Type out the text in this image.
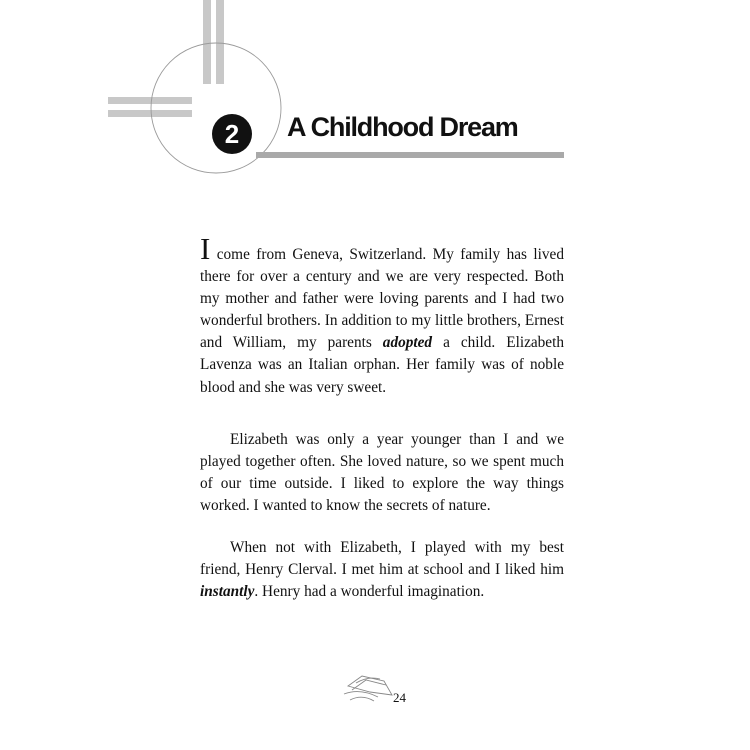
2	A Childhood Dream

I come from Geneva, Switzerland. My family has lived there for over a century and we are very respected. Both my mother and father were loving parents and I had two wonderful brothers. In addition to my little brothers, Ernest and William, my parents adopted a child. Elizabeth Lavenza was an Italian orphan. Her family was of noble blood and she was very sweet.

Elizabeth was only a year younger than I and we played together often. She loved nature, so we spent much of our time outside. I liked to explore the way things worked. I wanted to know the secrets of nature.

When not with Elizabeth, I played with my best friend, Henry Clerval. I met him at school and I liked him instantly. Henry had a wonderful imagination.

24
